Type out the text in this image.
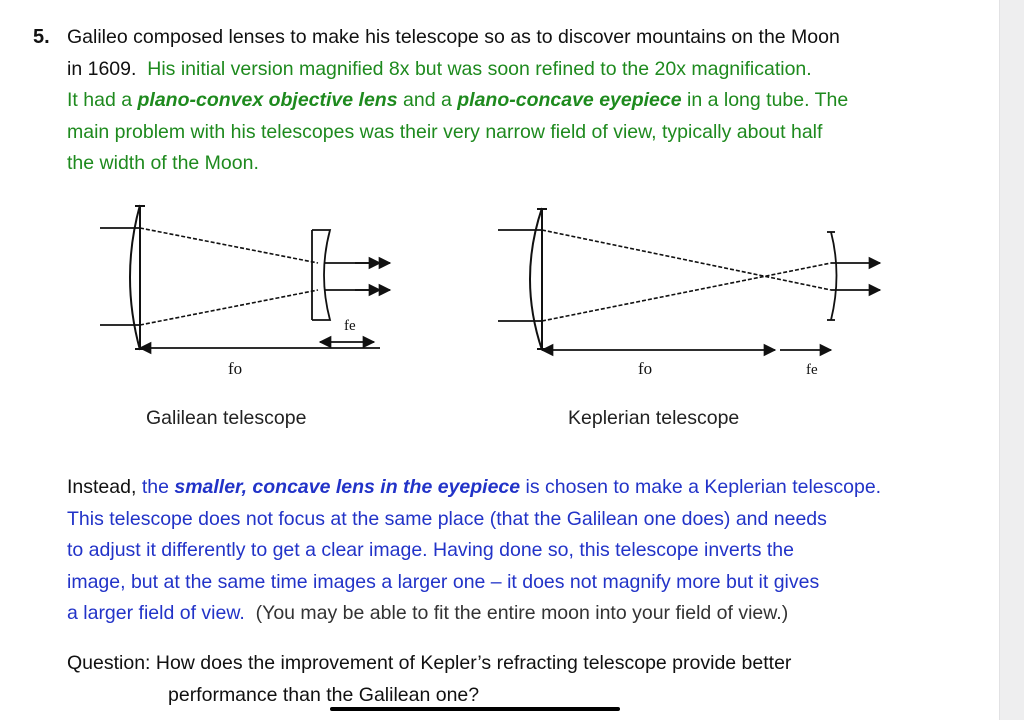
5. Galileo composed lenses to make his telescope so as to discover mountains on the Moon
in 1609. His initial version magnified 8x but was soon refined to the 20x magnification.
It had a plano-convex objective lens and a plano-concave eyepiece in a long tube. The
main problem with his telescopes was their very narrow field of view, typically about half
the width of the Moon.
fo
fe
fo	fe
Galilean telescope	Keplerian telescope
Instead, the smaller, concave lens in the eyepiece is chosen to make a Keplerian telescope.
This telescope does not focus at the same place (that the Galilean one does) and needs
to adjust it differently to get a clear image. Having done so, this telescope inverts the
image, but at the same time images a larger one – it does not magnify more but it gives
a larger field of view. (You may be able to fit the entire moon into your field of view.)
Question: How does the improvement of Kepler’s refracting telescope provide better
performance than the Galilean one?
